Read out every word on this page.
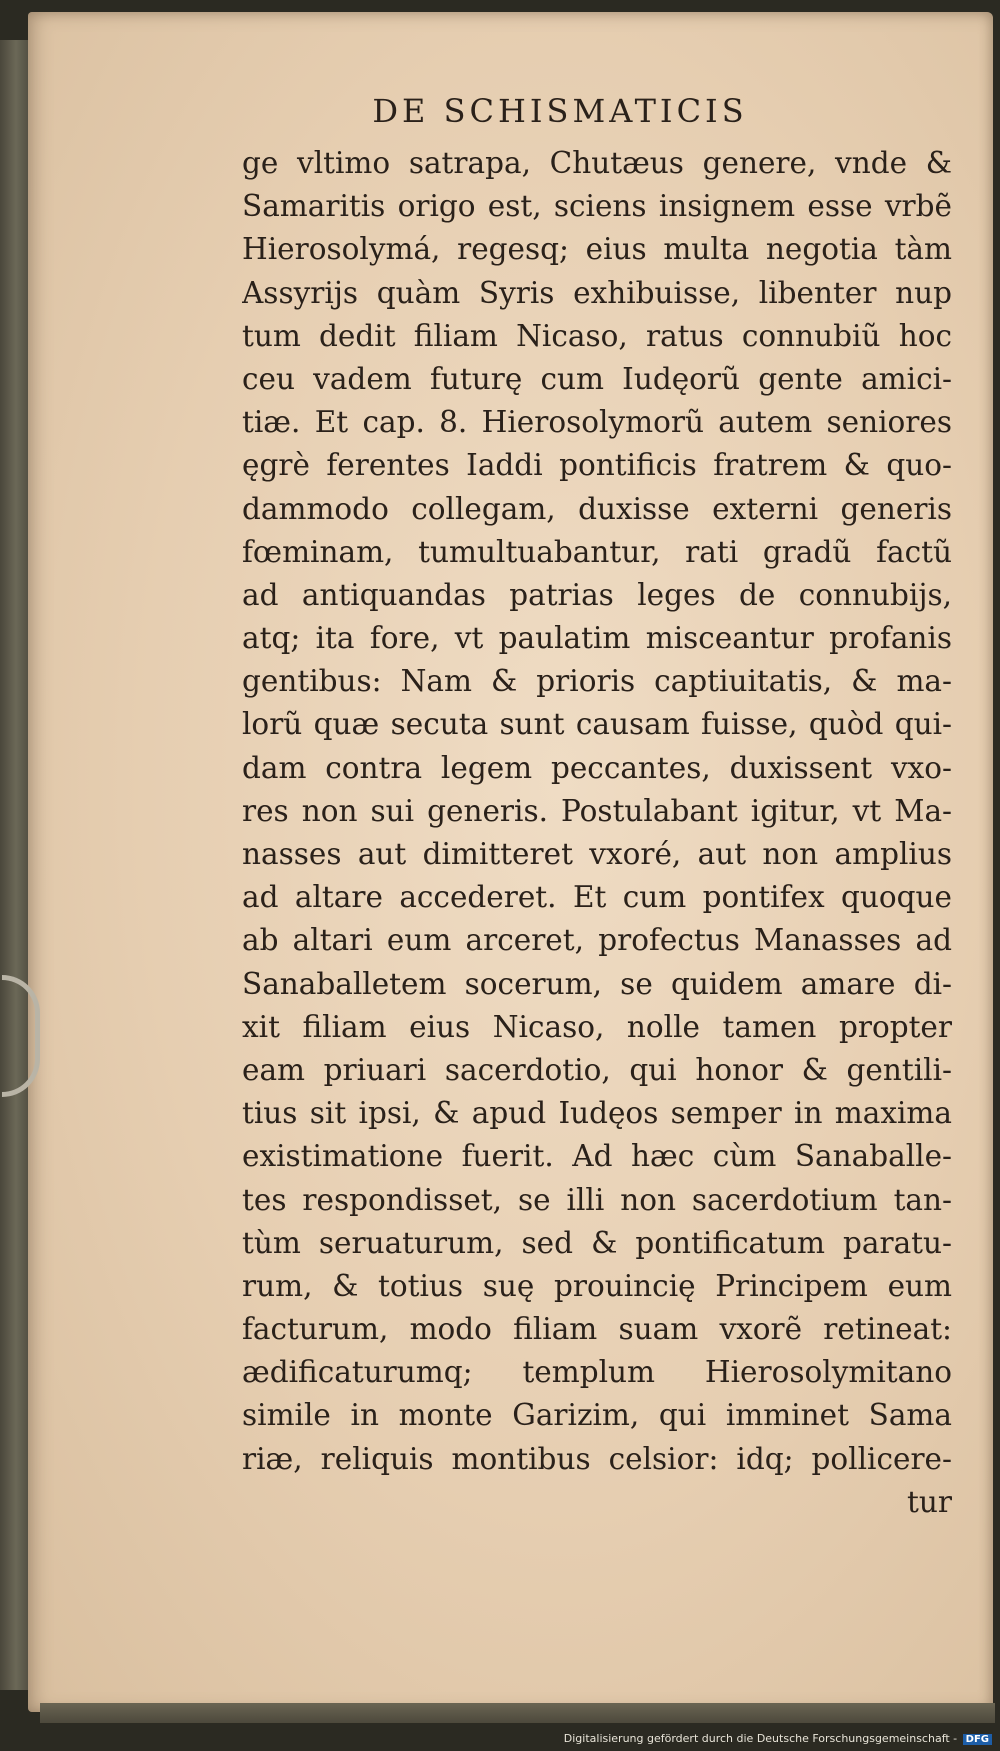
DE SCHISMATICIS
ge vltimo satrapa, Chutæus genere, vnde &
Samaritis origo est, sciens insignem esse vrbẽ
Hierosolymá, regesq; eius multa negotia tàm
Assyrijs quàm Syris exhibuisse, libenter nup
tum dedit filiam Nicaso, ratus connubiũ hoc
ceu vadem futurę cum Iudęorũ gente amici-
tiæ. Et cap. 8. Hierosolymorũ autem seniores
ęgrè ferentes Iaddi pontificis fratrem & quo-
dammodo collegam, duxisse externi generis
fœminam, tumultuabantur, rati gradũ factũ
ad antiquandas patrias leges de connubijs,
atq; ita fore, vt paulatim misceantur profanis
gentibus: Nam & prioris captiuitatis, & ma-
lorũ quæ secuta sunt causam fuisse, quòd qui-
dam contra legem peccantes, duxissent vxo-
res non sui generis. Postulabant igitur, vt Ma-
nasses aut dimitteret vxoré, aut non amplius
ad altare accederet. Et cum pontifex quoque
ab altari eum arceret, profectus Manasses ad
Sanaballetem socerum, se quidem amare di-
xit filiam eius Nicaso, nolle tamen propter
eam priuari sacerdotio, qui honor & gentili-
tius sit ipsi, & apud Iudęos semper in maxima
existimatione fuerit. Ad hæc cùm Sanaballe-
tes respondisset, se illi non sacerdotium tan-
tùm seruaturum, sed & pontificatum paratu-
rum, & totius suę prouincię Principem eum
facturum, modo filiam suam vxorẽ retineat:
ædificaturumq; templum Hierosolymitano
simile in monte Garizim, qui imminet Sama
riæ, reliquis montibus celsior: idq; pollicere-
tur
Digitalisierung gefördert durch die Deutsche Forschungsgemeinschaft - DFG
